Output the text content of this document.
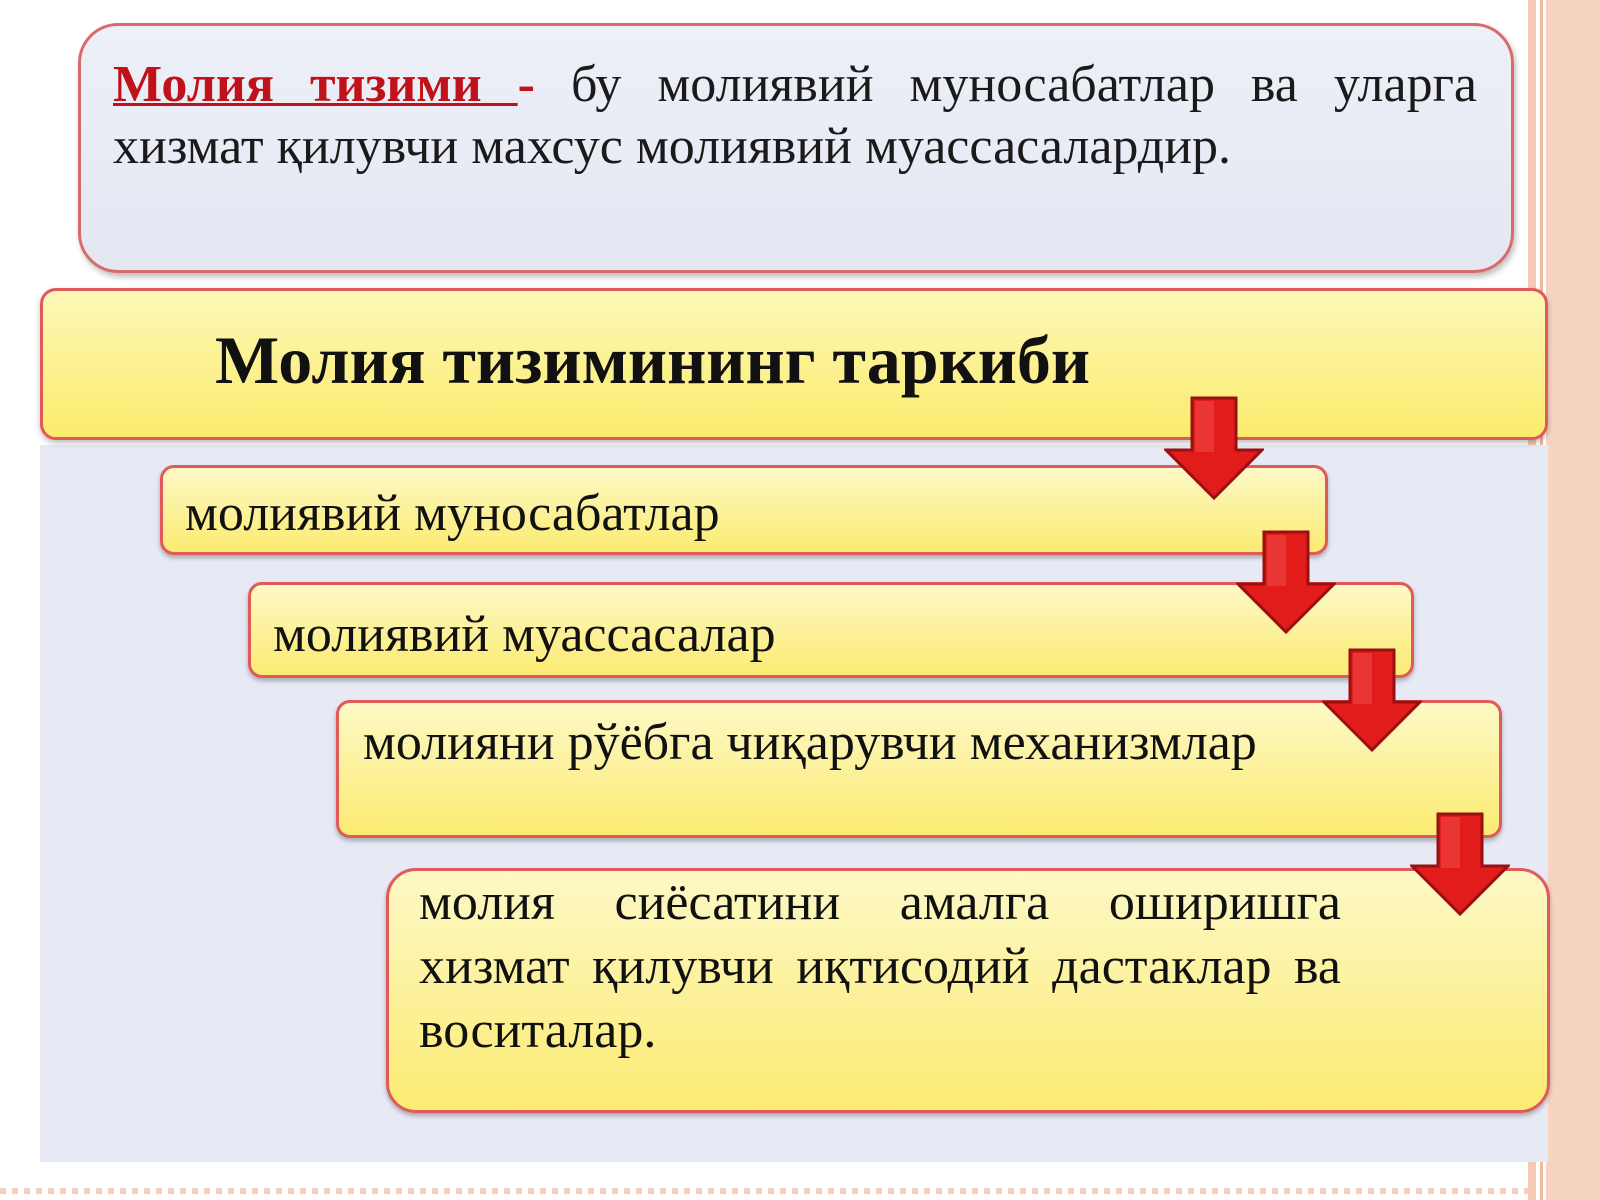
Молия тизими - бу молиявий муносабатлар ва уларга хизмат қилувчи махсус молиявий муассасалардир.

Молия тизимининг таркиби
молиявий муносабатлар
молиявий муассасалар
молияни рўёбга чиқарувчи механизмлар

молия сиёсатини амалга оширишга хизмат қилувчи иқтисодий дастаклар ва воситалар.
